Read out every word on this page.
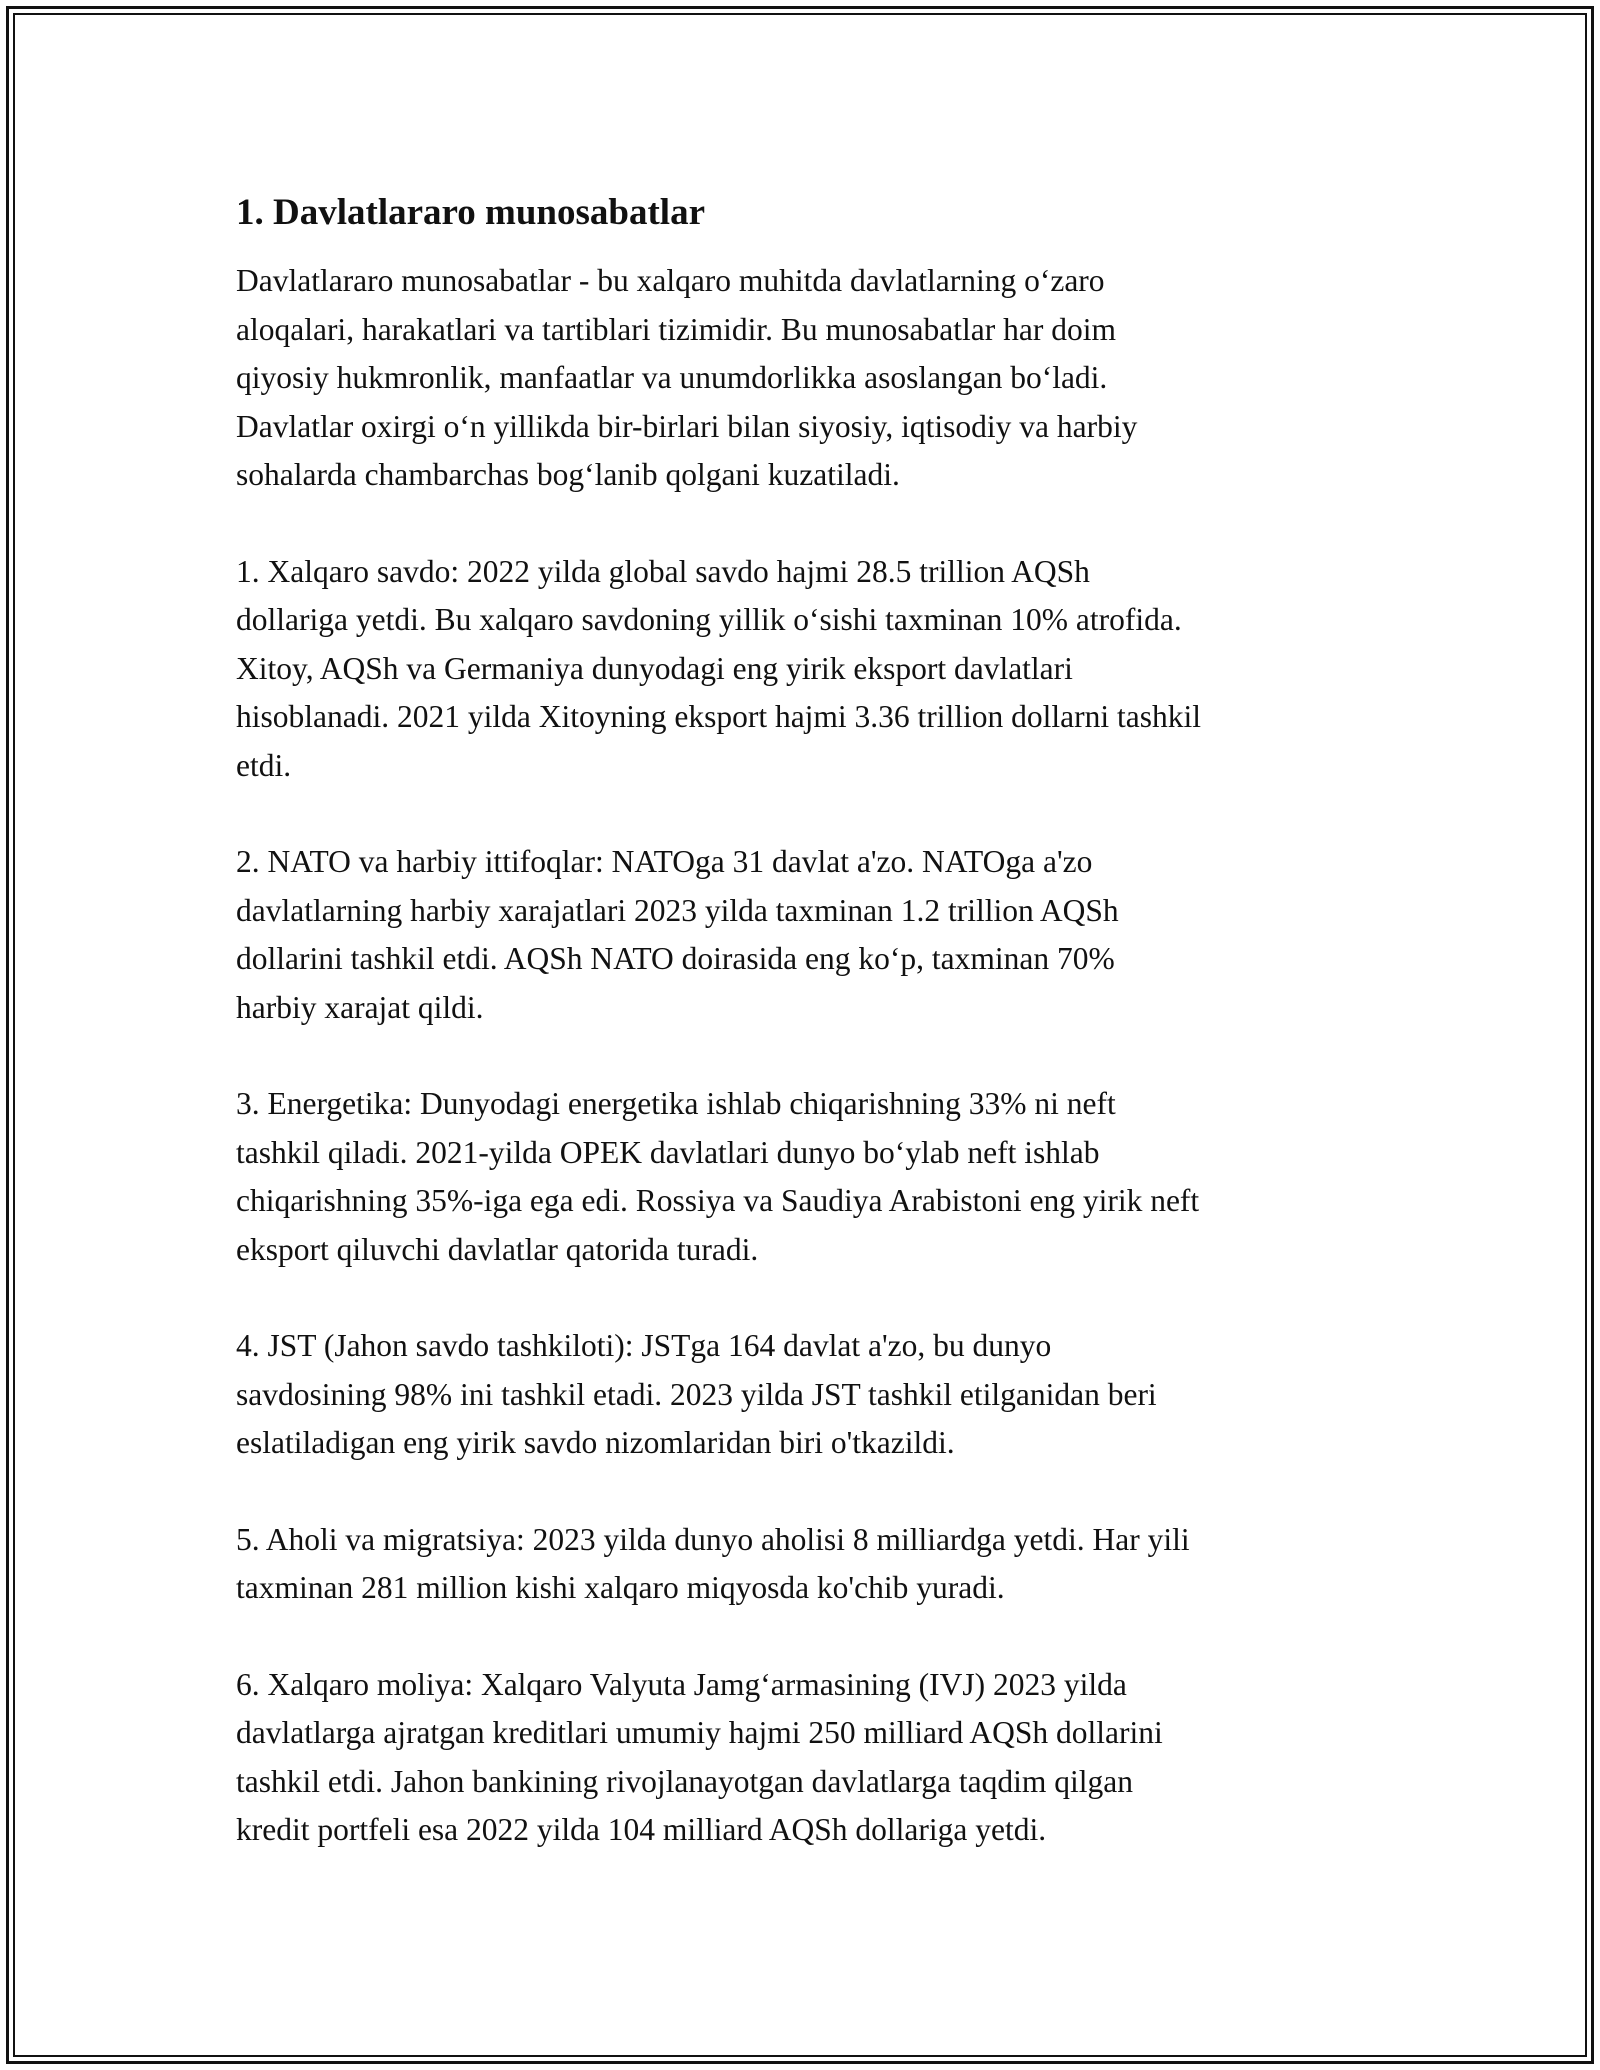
1. Davlatlararo munosabatlar

Davlatlararo munosabatlar - bu xalqaro muhitda davlatlarning o‘zaro
aloqalari, harakatlari va tartiblari tizimidir. Bu munosabatlar har doim
qiyosiy hukmronlik, manfaatlar va unumdorlikka asoslangan bo‘ladi.
Davlatlar oxirgi o‘n yillikda bir-birlari bilan siyosiy, iqtisodiy va harbiy
sohalarda chambarchas bog‘lanib qolgani kuzatiladi.

1. Xalqaro savdo: 2022 yilda global savdo hajmi 28.5 trillion AQSh
dollariga yetdi. Bu xalqaro savdoning yillik o‘sishi taxminan 10% atrofida.
Xitoy, AQSh va Germaniya dunyodagi eng yirik eksport davlatlari
hisoblanadi. 2021 yilda Xitoyning eksport hajmi 3.36 trillion dollarni tashkil
etdi.

2. NATO va harbiy ittifoqlar: NATOga 31 davlat a'zo. NATOga a'zo
davlatlarning harbiy xarajatlari 2023 yilda taxminan 1.2 trillion AQSh
dollarini tashkil etdi. AQSh NATO doirasida eng ko‘p, taxminan 70%
harbiy xarajat qildi.

3. Energetika: Dunyodagi energetika ishlab chiqarishning 33% ni neft
tashkil qiladi. 2021-yilda OPEK davlatlari dunyo bo‘ylab neft ishlab
chiqarishning 35%-iga ega edi. Rossiya va Saudiya Arabistoni eng yirik neft
eksport qiluvchi davlatlar qatorida turadi.

4. JST (Jahon savdo tashkiloti): JSTga 164 davlat a'zo, bu dunyo
savdosining 98% ini tashkil etadi. 2023 yilda JST tashkil etilganidan beri
eslatiladigan eng yirik savdo nizomlaridan biri o'tkazildi.

5. Aholi va migratsiya: 2023 yilda dunyo aholisi 8 milliardga yetdi. Har yili
taxminan 281 million kishi xalqaro miqyosda ko'chib yuradi.

6. Xalqaro moliya: Xalqaro Valyuta Jamg‘armasining (IVJ) 2023 yilda
davlatlarga ajratgan kreditlari umumiy hajmi 250 milliard AQSh dollarini
tashkil etdi. Jahon bankining rivojlanayotgan davlatlarga taqdim qilgan
kredit portfeli esa 2022 yilda 104 milliard AQSh dollariga yetdi.
